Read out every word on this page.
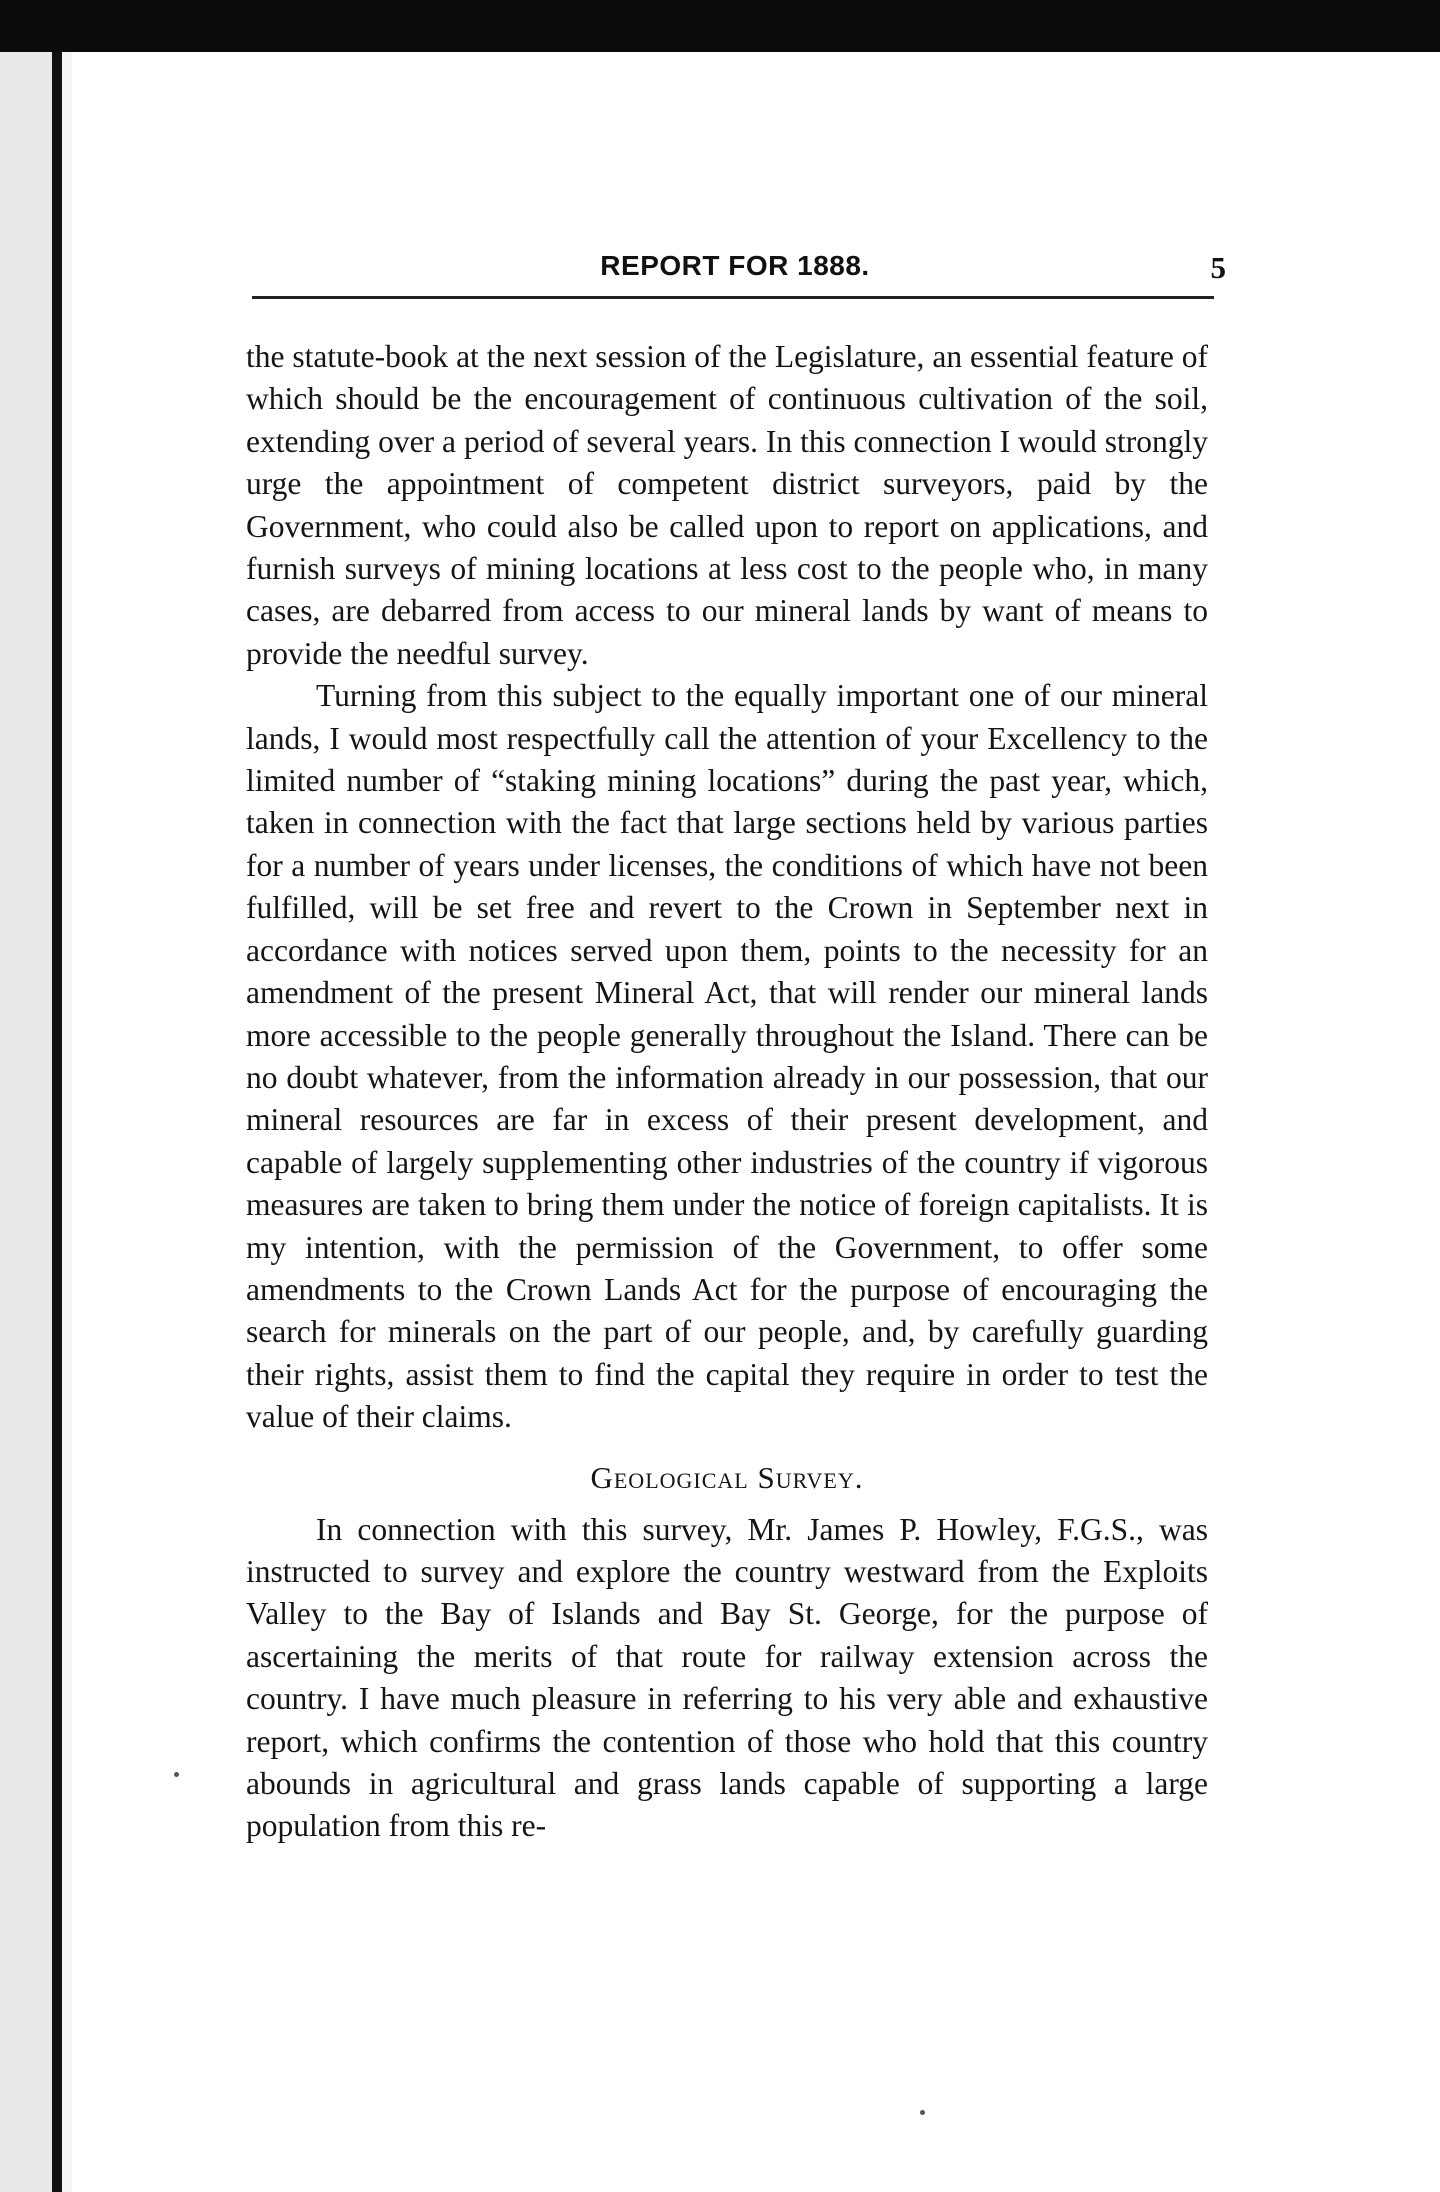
REPORT FOR 1888.	5

the statute-book at the next session of the Legislature, an essential feature of which should be the encouragement of continuous cultivation of the soil, extending over a period of several years. In this connection I would strongly urge the appointment of competent district surveyors, paid by the Government, who could also be called upon to report on applications, and furnish surveys of mining locations at less cost to the people who, in many cases, are debarred from access to our mineral lands by want of means to provide the needful survey.

Turning from this subject to the equally important one of our mineral lands, I would most respectfully call the attention of your Excellency to the limited number of “staking mining locations” during the past year, which, taken in connection with the fact that large sections held by various parties for a number of years under licenses, the conditions of which have not been fulfilled, will be set free and revert to the Crown in September next in accordance with notices served upon them, points to the necessity for an amendment of the present Mineral Act, that will render our mineral lands more accessible to the people generally throughout the Island. There can be no doubt whatever, from the information already in our possession, that our mineral resources are far in excess of their present development, and capable of largely supplementing other industries of the country if vigorous measures are taken to bring them under the notice of foreign capitalists. It is my intention, with the permission of the Government, to offer some amendments to the Crown Lands Act for the purpose of encouraging the search for minerals on the part of our people, and, by carefully guarding their rights, assist them to find the capital they require in order to test the value of their claims.

Geological Survey.

In connection with this survey, Mr. James P. Howley, F.G.S., was instructed to survey and explore the country westward from the Exploits Valley to the Bay of Islands and Bay St. George, for the purpose of ascertaining the merits of that route for railway extension across the country. I have much pleasure in referring to his very able and exhaustive report, which confirms the contention of those who hold that this country abounds in agricultural and grass lands capable of supporting a large population from this re-
